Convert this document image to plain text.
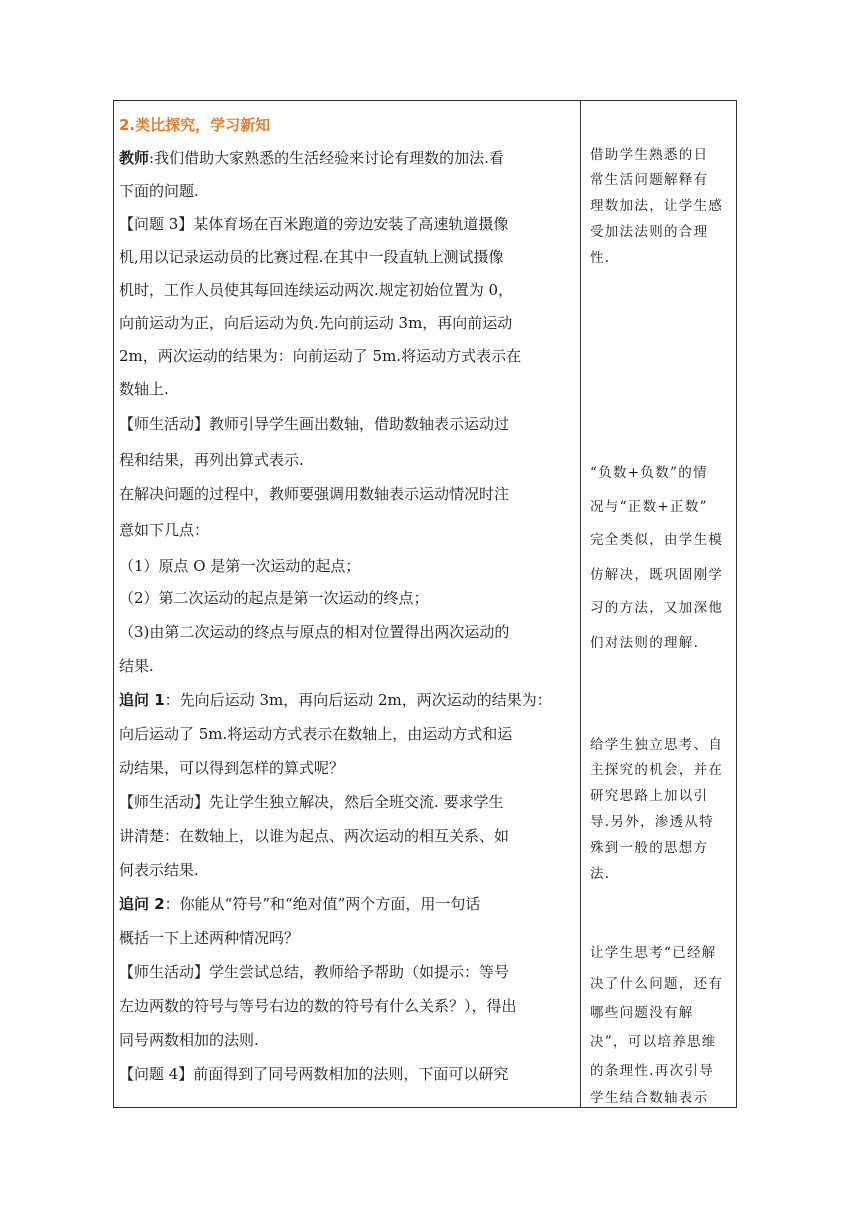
2.类比探究，学习新知
教师:我们借助大家熟悉的生活经验来讨论有理数的加法.看
下面的问题.
【问题 3】某体育场在百米跑道的旁边安装了高速轨道摄像
机,用以记录运动员的比赛过程.在其中一段直轨上测试摄像
机时，工作人员使其每回连续运动两次.规定初始位置为 0，
向前运动为正，向后运动为负.先向前运动 3m，再向前运动
2m，两次运动的结果为：向前运动了 5m.将运动方式表示在
数轴上.
【师生活动】教师引导学生画出数轴，借助数轴表示运动过
程和结果，再列出算式表示.
在解决问题的过程中，教师要强调用数轴表示运动情况时注
意如下几点：
（1）原点 O 是第一次运动的起点；
（2）第二次运动的起点是第一次运动的终点；
（3)由第二次运动的终点与原点的相对位置得出两次运动的
结果.
追问 1：先向后运动 3m，再向后运动 2m，两次运动的结果为：
向后运动了 5m.将运动方式表示在数轴上，由运动方式和运
动结果，可以得到怎样的算式呢？
【师生活动】先让学生独立解决，然后全班交流. 要求学生
讲清楚：在数轴上，以谁为起点、两次运动的相互关系、如
何表示结果.
追问 2：你能从“符号”和“绝对值”两个方面，用一句话
概括一下上述两种情况吗？
【师生活动】学生尝试总结，教师给予帮助（如提示：等号
左边两数的符号与等号右边的数的符号有什么关系？），得出
同号两数相加的法则.
【问题 4】前面得到了同号两数相加的法则，下面可以研究
借助学生熟悉的日
常生活问题解释有
理数加法，让学生感
受加法法则的合理
性.
“负数+负数”的情
况与“正数+正数”
完全类似，由学生模
仿解决，既巩固刚学
习的方法，又加深他
们对法则的理解.
给学生独立思考、自
主探究的机会，并在
研究思路上加以引
导.另外，渗透从特
殊到一般的思想方
法.
让学生思考“已经解
决了什么问题，还有
哪些问题没有解
决”，可以培养思维
的条理性.再次引导
学生结合数轴表示
